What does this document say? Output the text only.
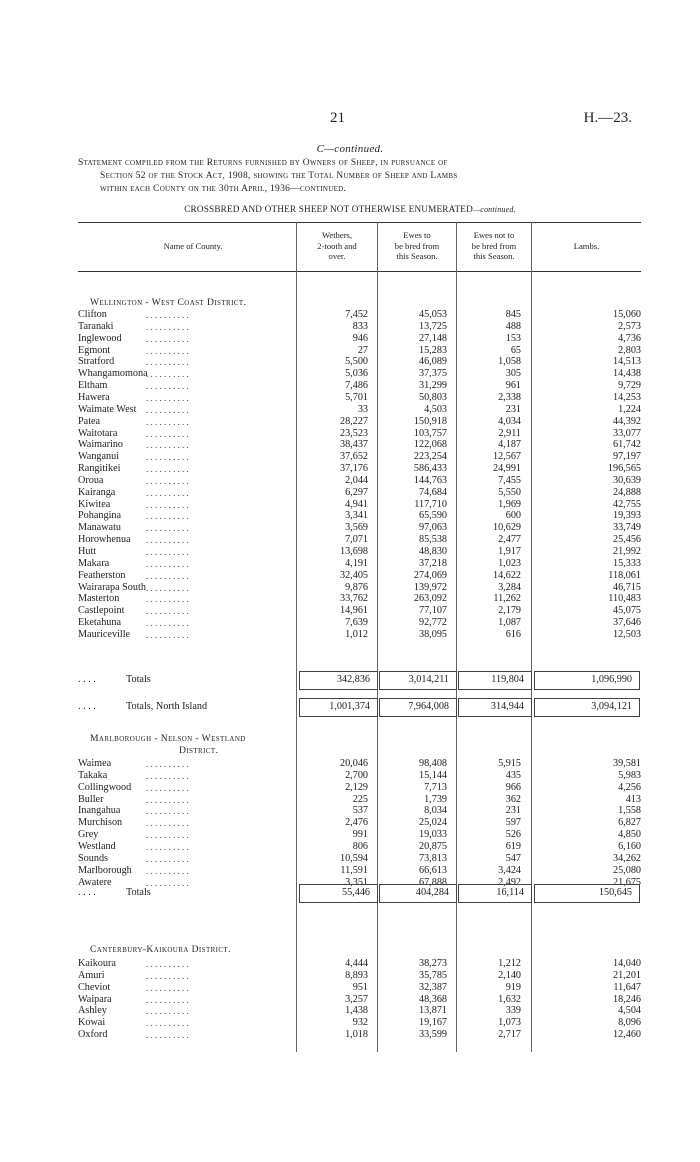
21	H.—23.
C—continued.
Statement compiled from the Returns furnished by Owners of Sheep, in pursuance of

Section 52 of the Stock Act, 1908, showing the Total Number of Sheep and Lambs
within each County on the 30th April, 1936—continued.
CROSSBRED AND OTHER SHEEP NOT OTHERWISE ENUMERATED—continued.
Name of County.
Wethers,
2-tooth and
over.
Ewes to
be bred from
this Season.
Ewes not to
be bred from
this Season.
Lambs.
Wellington - West Coast District.
Clifton	. . . . . . . . . .	7,452	45,053	845	15,060
Taranaki	. . . . . . . . . .	833	13,725	488	2,573
Inglewood	. . . . . . . . . .	946	27,148	153	4,736
Egmont	. . . . . . . . . .	27	15,283	65	2,803
Stratford	. . . . . . . . . .	5,500	46,089	1,058	14,513
Whangamomona
. . . . . . . . . .	5,036	37,375	305	14,438
Eltham	. . . . . . . . . .	7,486	31,299	961	9,729
Hawera	. . . . . . . . . .	5,701	50,803	2,338	14,253
Waimate West . . . . . . . . . .	33	4,503	231	1,224
Patea	. . . . . . . . . .	28,227	150,918	4,034	44,392
Waitotara	. . . . . . . . . .	23,523	103,757	2,911	33,077
Waimarino	. . . . . . . . . .	38,437	122,068	4,187	61,742
Wanganui	. . . . . . . . . .	37,652	223,254	12,567	97,197
Rangitikei	. . . . . . . . . .	37,176	586,433	24,991	196,565
Oroua	. . . . . . . . . .	2,044	144,763	7,455	30,639
Kairanga	. . . . . . . . . .	6,297	74,684	5,550	24,888
Kiwitea	. . . . . . . . . .	4,941	117,710	1,969	42,755
Pohangina	. . . . . . . . . .	3,341	65,590	600	19,393
Manawatu	. . . . . . . . . .	3,569	97,063	10,629	33,749
Horowhenua . . . . . . . . . .	7,071	85,538	2,477	25,456
Hutt	. . . . . . . . . .	13,698	48,830	1,917	21,992
Makara	. . . . . . . . . .	4,191	37,218	1,023	15,333
Featherston . . . . . . . . . .	32,405	274,069	14,622	118,061
Wairarapa South . . . . . . . . . .	9,876	139,972	3,284	46,715
Masterton	. . . . . . . . . .	33,762	263,092	11,262	110,483
Castlepoint . . . . . . . . . .	14,961	77,107	2,179	45,075
Eketahuna	. . . . . . . . . .	7,639	92,772	1,087	37,646
Mauriceville . . . . . . . . . .	1,012	38,095	616	12,503
Totals
. . . .	342,836	3,014,211	119,804	1,096,990
Totals, North Island
. . . .	1,001,374	7,964,008	314,944	3,094,121
Marlborough - Nelson - Westland
District.
Waimea	. . . . . . . . . .	20,046	98,408	5,915	39,581
Takaka	. . . . . . . . . .	2,700	15,144	435	5,983
Collingwood . . . . . . . . . .	2,129	7,713	966	4,256
Buller	. . . . . . . . . .	225	1,739	362	413
Inangahua	. . . . . . . . . .	537	8,034	231	1,558
Murchison	. . . . . . . . . .	2,476	25,024	597	6,827
Grey	. . . . . . . . . .	991	19,033	526	4,850
Westland	. . . . . . . . . .	806	20,875	619	6,160
Sounds	. . . . . . . . . .	10,594	73,813	547	34,262
Marlborough . . . . . . . . . .	11,591	66,613	3,424	25,080
Awatere	. . . . . . . . . .	3,351	67,888	2,492	21,675
Totals
. . . .	55,446	404,284	16,114	150,645
Canterbury-Kaikoura District.
Kaikoura	. . . . . . . . . .	4,444	38,273	1,212	14,040
Amuri	. . . . . . . . . .	8,893	35,785	2,140	21,201
Cheviot	. . . . . . . . . .	951	32,387	919	11,647
Waipara	. . . . . . . . . .	3,257	48,368	1,632	18,246
Ashley	. . . . . . . . . .	1,438	13,871	339	4,504
Kowai	. . . . . . . . . .	932	19,167	1,073	8,096
Oxford	. . . . . . . . . .	1,018	33,599	2,717	12,460
